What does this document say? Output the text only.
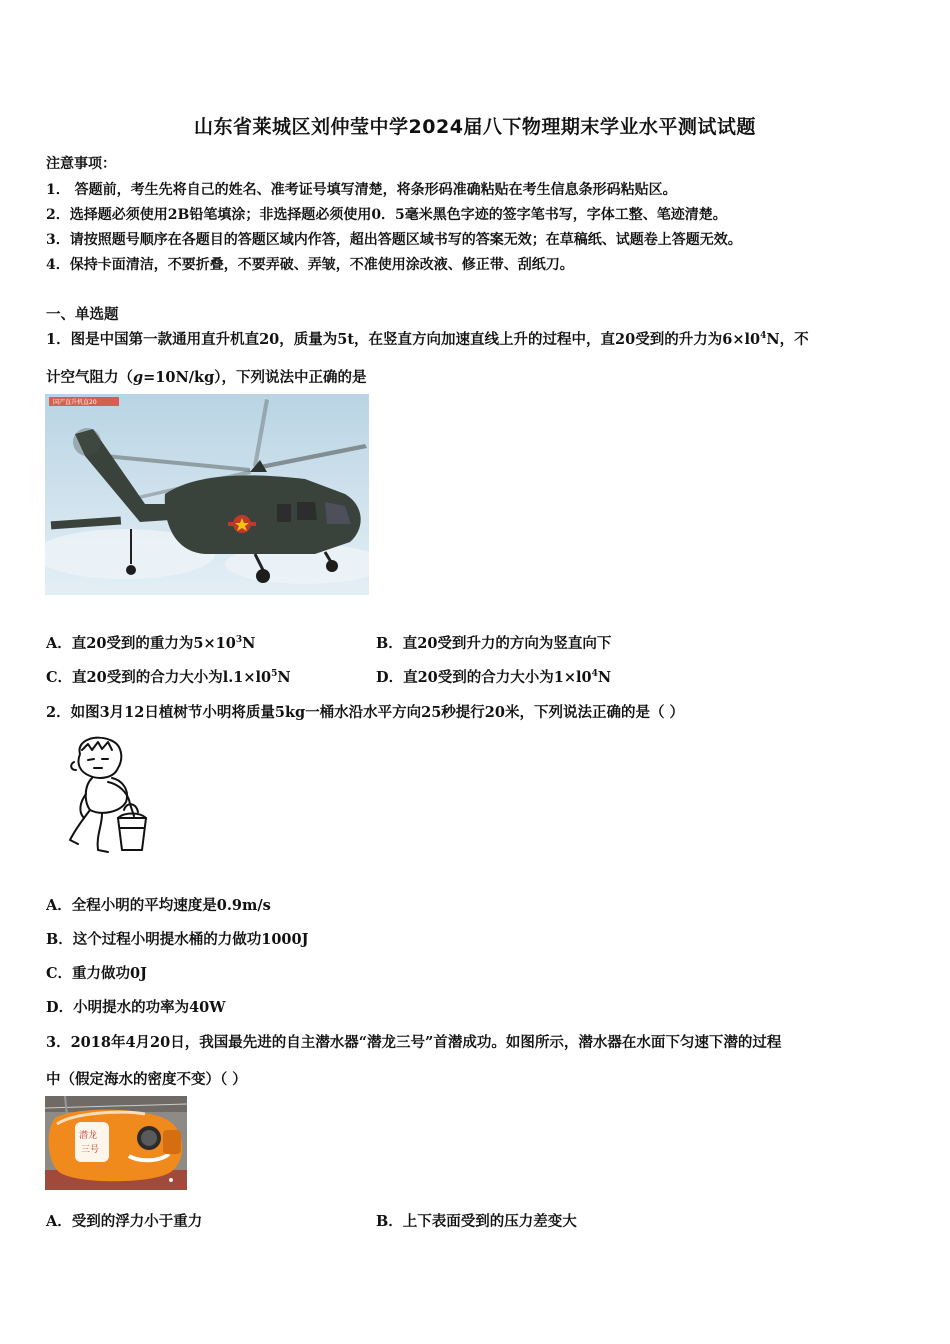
山东省莱城区刘仲莹中学2024届八下物理期末学业水平测试试题
注意事项：
1． 答题前，考生先将自己的姓名、准考证号填写清楚，将条形码准确粘贴在考生信息条形码粘贴区。
2．选择题必须使用2B铅笔填涂；非选择题必须使用0．5毫米黑色字迹的签字笔书写，字体工整、笔迹清楚。
3．请按照题号顺序在各题目的答题区域内作答，超出答题区域书写的答案无效；在草稿纸、试题卷上答题无效。
4．保持卡面清洁，不要折叠，不要弄破、弄皱，不准使用涂改液、修正带、刮纸刀。
一、单选题
1．图是中国第一款通用直升机直20，质量为5t，在竖直方向加速直线上升的过程中，直20受到的升力为$6\times l0^4N$，不
计空气阻力（g=10N/kg），下列说法中正确的是
国产直升机直20
A．直20受到的重力为$5\times 10^3N$	B．直20受到升力的方向为竖直向下
C．直20受到的合力大小为$l.1\times l0^5N$	D．直20受到的合力大小为$1\times l0^4N$
2．如图3月12日植树节小明将质量5kg一桶水沿水平方向25秒提行20米，下列说法正确的是（ ）
A．全程小明的平均速度是0.9m/s
B．这个过程小明提水桶的力做功1000J
C．重力做功0J
D．小明提水的功率为40W
3．2018年4月20日，我国最先进的自主潜水器“潜龙三号”首潜成功。如图所示，潜水器在水面下匀速下潜的过程
中（假定海水的密度不变）（ ）
潜龙
三号
A．受到的浮力小于重力	B．上下表面受到的压力差变大
